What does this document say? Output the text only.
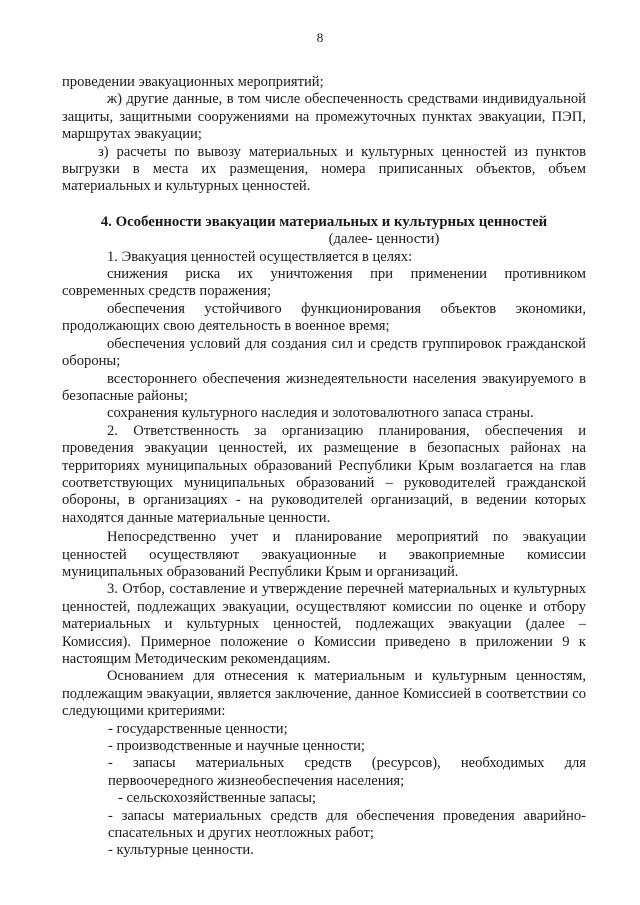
8

проведении эвакуационных мероприятий;

ж) другие данные, в том числе обеспеченность средствами индивидуальной защиты, защитными сооружениями на промежуточных пунктах эвакуации, ПЭП, маршрутах эвакуации;

з) расчеты по вывозу материальных и культурных ценностей из пунктов выгрузки в места их размещения, номера приписанных объектов, объем материальных и культурных ценностей.

4. Особенности эвакуации материальных и культурных ценностей

(далее- ценности)

1. Эвакуация ценностей осуществляется в целях:

снижения риска их уничтожения при применении противником современных средств поражения;

обеспечения устойчивого функционирования объектов экономики, продолжающих свою деятельность в военное время;

обеспечения условий для создания сил и средств группировок гражданской обороны;

всестороннего обеспечения жизнедеятельности населения эвакуируемого в безопасные районы;

сохранения культурного наследия и золотовалютного запаса страны.

2. Ответственность за организацию планирования, обеспечения и проведения эвакуации ценностей, их размещение в безопасных районах на территориях муниципальных образований Республики Крым возлагается на глав соответствующих муниципальных образований – руководителей гражданской обороны, в организациях - на руководителей организаций, в ведении которых находятся данные материальные ценности.

Непосредственно учет и планирование мероприятий по эвакуации ценностей осуществляют эвакуационные и эвакоприемные комиссии муниципальных образований Республики Крым и организаций.

3. Отбор, составление и утверждение перечней материальных и культурных ценностей, подлежащих эвакуации, осуществляют комиссии по оценке и отбору материальных и культурных ценностей, подлежащих эвакуации (далее – Комиссия). Примерное положение о Комиссии приведено в приложении 9 к настоящим Методическим рекомендациям.

Основанием для отнесения к материальным и культурным ценностям, подлежащим эвакуации, является заключение, данное Комиссией в соответствии со следующими критериями:

- государственные ценности;

- производственные и научные ценности;

- запасы материальных средств (ресурсов), необходимых для первоочередного жизнеобеспечения населения;

- сельскохозяйственные запасы;

- запасы материальных средств для обеспечения проведения аварийно-спасательных и других неотложных работ;

- культурные ценности.
